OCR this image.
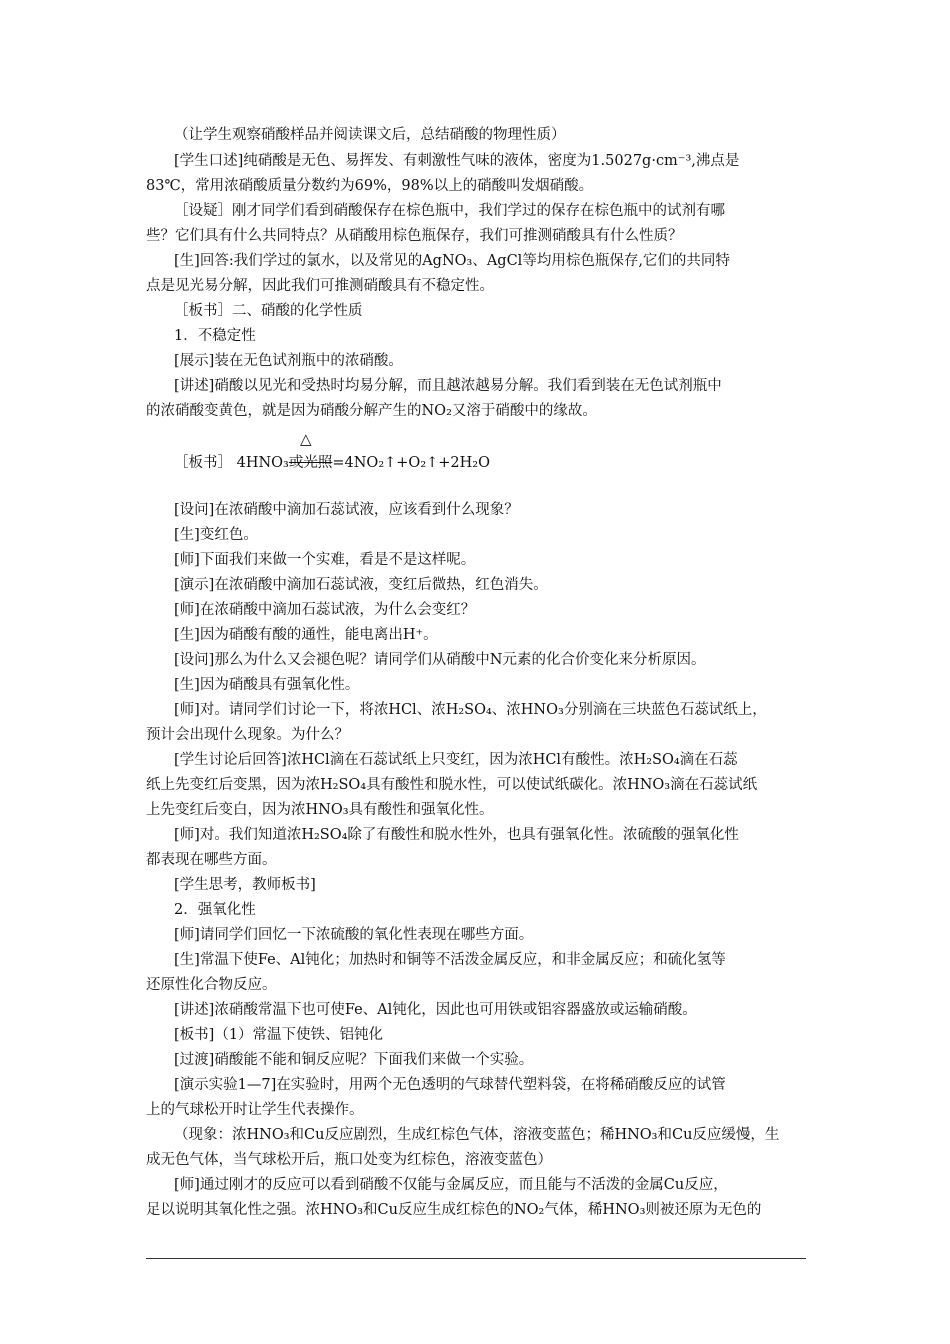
（让学生观察硝酸样品并阅读课文后，总结硝酸的物理性质）
[学生口述]纯硝酸是无色、易挥发、有刺激性气味的液体，密度为1.5027g·cm⁻³,沸点是
83℃，常用浓硝酸质量分数约为69%，98%以上的硝酸叫发烟硝酸。
［设疑］刚才同学们看到硝酸保存在棕色瓶中，我们学过的保存在棕色瓶中的试剂有哪
些？它们具有什么共同特点？从硝酸用棕色瓶保存，我们可推测硝酸具有什么性质？
[生]回答:我们学过的氯水，以及常见的AgNO₃、AgCl等均用棕色瓶保存,它们的共同特
点是见光易分解，因此我们可推测硝酸具有不稳定性。
［板书］二、硝酸的化学性质
1．不稳定性
[展示]装在无色试剂瓶中的浓硝酸。
[讲述]硝酸以见光和受热时均易分解，而且越浓越易分解。我们看到装在无色试剂瓶中
的浓硝酸变黄色，就是因为硝酸分解产生的NO₂又溶于硝酸中的缘故。
△
［板书］ 4HNO₃或光照=4NO₂↑+O₂↑+2H₂O
[设问]在浓硝酸中滴加石蕊试液，应该看到什么现象？
[生]变红色。
[师]下面我们来做一个实难，看是不是这样呢。
[演示]在浓硝酸中滴加石蕊试液，变红后微热，红色消失。
[师]在浓硝酸中滴加石蕊试液，为什么会变红？
[生]因为硝酸有酸的通性，能电离出H⁺。
[设问]那么为什么又会褪色呢？请同学们从硝酸中N元素的化合价变化来分析原因。
[生]因为硝酸具有强氧化性。
[师]对。请同学们讨论一下，将浓HCl、浓H₂SO₄、浓HNO₃分别滴在三块蓝色石蕊试纸上，
预计会出现什么现象。为什么？
[学生讨论后回答]浓HCl滴在石蕊试纸上只变红，因为浓HCl有酸性。浓H₂SO₄滴在石蕊
纸上先变红后变黑，因为浓H₂SO₄具有酸性和脱水性，可以使试纸碳化。浓HNO₃滴在石蕊试纸
上先变红后变白，因为浓HNO₃具有酸性和强氧化性。
[师]对。我们知道浓H₂SO₄除了有酸性和脱水性外，也具有强氧化性。浓硫酸的强氧化性
都表现在哪些方面。
[学生思考，教师板书]
2．强氧化性
[师]请同学们回忆一下浓硫酸的氧化性表现在哪些方面。
[生]常温下使Fe、Al钝化；加热时和铜等不活泼金属反应，和非金属反应；和硫化氢等
还原性化合物反应。
[讲述]浓硝酸常温下也可使Fe、Al钝化，因此也可用铁或铝容器盛放或运输硝酸。
[板书]（1）常温下使铁、铝钝化
[过渡]硝酸能不能和铜反应呢？下面我们来做一个实验。
[演示实验1—7]在实验时，用两个无色透明的气球替代塑料袋，在将稀硝酸反应的试管
上的气球松开时让学生代表操作。
（现象：浓HNO₃和Cu反应剧烈，生成红棕色气体，溶液变蓝色；稀HNO₃和Cu反应缓慢，生
成无色气体，当气球松开后，瓶口处变为红棕色，溶液变蓝色）
[师]通过刚才的反应可以看到硝酸不仅能与金属反应，而且能与不活泼的金属Cu反应，
足以说明其氧化性之强。浓HNO₃和Cu反应生成红棕色的NO₂气体，稀HNO₃则被还原为无色的
